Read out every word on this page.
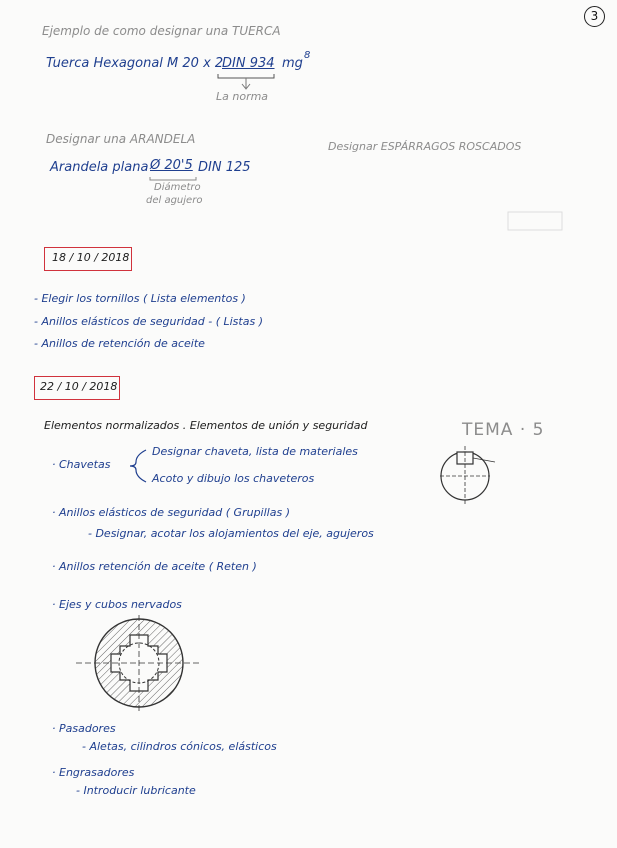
3
Ejemplo de como designar una TUERCA
Tuerca Hexagonal M 20 x 2
DIN 934 mg
8
La norma
Designar una ARANDELA
Arandela plana Ø 20'5 DIN 125
Diámetro
del agujero
Designar ESPÁRRAGOS ROSCADOS
18 / 10 / 2018
- Elegir los tornillos ( Lista elementos )
- Anillos elásticos de seguridad - ( Listas )
- Anillos de retención de aceite
22 / 10 / 2018
Elementos normalizados . Elementos de unión y seguridad	TEMA · 5
· Chavetas
Designar chaveta, lista de materiales
Acoto y dibujo los chaveteros
· Anillos elásticos de seguridad ( Grupillas )
- Designar, acotar los alojamientos del eje, agujeros
· Anillos retención de aceite ( Reten )
· Ejes y cubos nervados
· Pasadores
- Aletas, cilindros cónicos, elásticos
· Engrasadores
- Introducir lubricante
